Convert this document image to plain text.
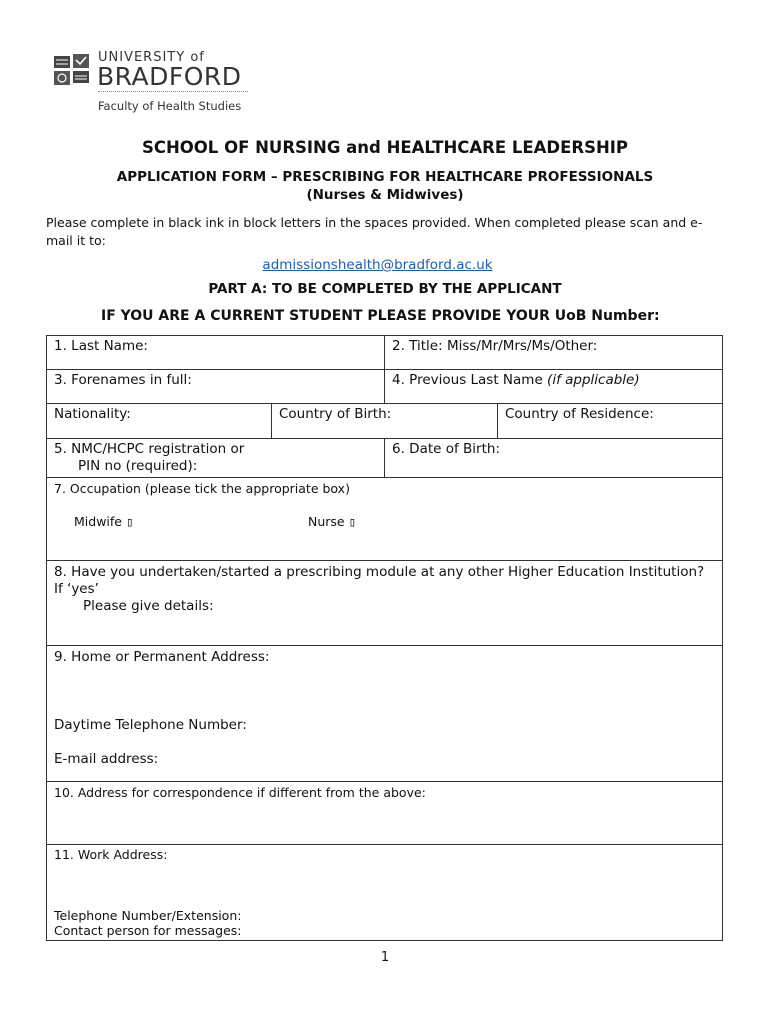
UNIVERSITY of
BRADFORD
Faculty of Health Studies
SCHOOL OF NURSING and HEALTHCARE LEADERSHIP
APPLICATION FORM – PRESCRIBING FOR HEALTHCARE PROFESSIONALS
(Nurses & Midwives)
Please complete in black ink in block letters in the spaces provided. When completed please scan and e-mail it to:
admissionshealth@bradford.ac.uk
PART A: TO BE COMPLETED BY THE APPLICANT
IF YOU ARE A CURRENT STUDENT PLEASE PROVIDE YOUR UoB Number:
1. Last Name:		2. Title: Miss/Mr/Mrs/Ms/Other:	
3. Forenames in full:		4. Previous Last Name (if applicable)	
Nationality:	Country of Birth:		Country of Residence:

5. NMC/HCPC registration or
PIN no (required):		6. Date of Birth:	

7. Occupation (please tick the appropriate box)
Midwife ▯ Nurse ▯			

8. Have you undertaken/started a prescribing module at any other Higher Education Institution? If ‘yes’
Please give details:			

9. Home or Permanent Address:
Daytime Telephone Number:
E-mail address:			

10. Address for correspondence if different from the above:			

11. Work Address:
Telephone Number/Extension:
Contact person for messages:			
1
